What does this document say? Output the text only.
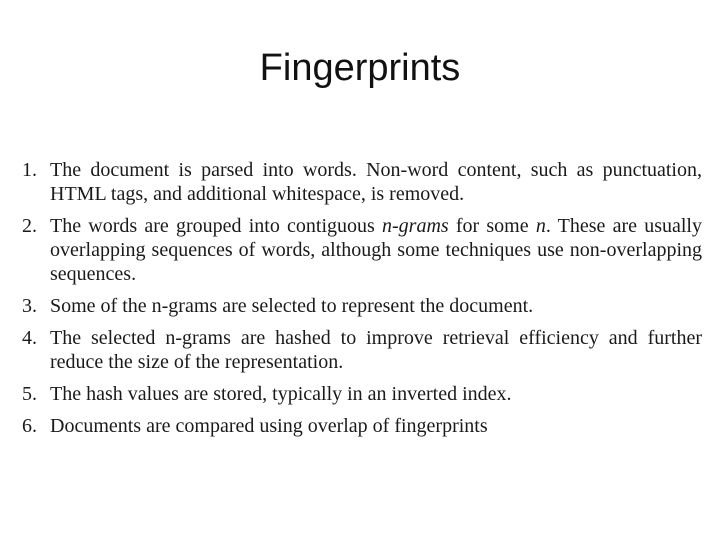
Fingerprints
1. The document is parsed into words. Non-word content, such as punctuation, HTML tags, and additional whitespace, is removed.
2. The words are grouped into contiguous n-grams for some n. These are usually overlapping sequences of words, although some techniques use non-overlapping sequences.
3. Some of the n-grams are selected to represent the document.
4. The selected n-grams are hashed to improve retrieval efficiency and further reduce the size of the representation.
5. The hash values are stored, typically in an inverted index.
6. Documents are compared using overlap of fingerprints
